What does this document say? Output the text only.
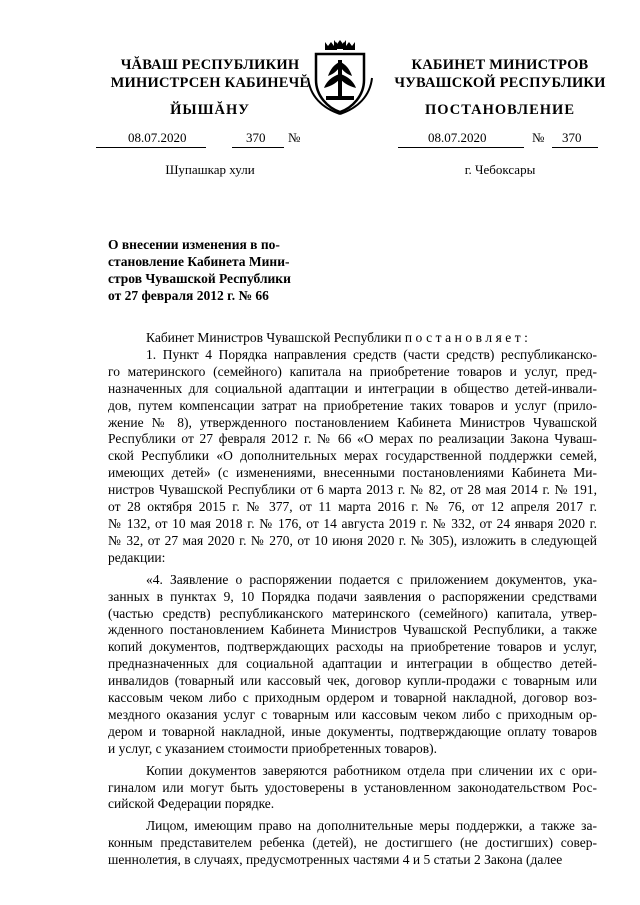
ЧĂВАШ РЕСПУБЛИКИН
МИНИСТРСЕН КАБИНЕЧĔ
ЙЫШĂНУ
КАБИНЕТ МИНИСТРОВ
ЧУВАШСКОЙ РЕСПУБЛИКИ
ПОСТАНОВЛЕНИЕ
08.07.2020	370 №	08.07.2020	№ 370
Шупашкар хули	г. Чебоксары
О внесении изменения в по-
становление Кабинета Мини-
стров Чувашской Республики
от 27 февраля 2012 г. № 66

Кабинет Министров Чувашской Республики постановляет:

1. Пункт 4 Порядка направления средств (части средств) республиканско-
го материнского (семейного) капитала на приобретение товаров и услуг, пред-
назначенных для социальной адаптации и интеграции в общество детей-инвали-
дов, путем компенсации затрат на приобретение таких товаров и услуг (прило-
жение № 8), утвержденного постановлением Кабинета Министров Чувашской
Республики от 27 февраля 2012 г. № 66 «О мерах по реализации Закона Чуваш-
ской Республики «О дополнительных мерах государственной поддержки семей,
имеющих детей» (с изменениями, внесенными постановлениями Кабинета Ми-
нистров Чувашской Республики от 6 марта 2013 г. № 82, от 28 мая 2014 г. № 191,
от 28 октября 2015 г. № 377, от 11 марта 2016 г. № 76, от 12 апреля 2017 г.
№ 132, от 10 мая 2018 г. № 176, от 14 августа 2019 г. № 332, от 24 января 2020 г.
№ 32, от 27 мая 2020 г. № 270, от 10 июня 2020 г. № 305), изложить в следующей
редакции:
«4. Заявление о распоряжении подается с приложением документов, ука-
занных в пунктах 9, 10 Порядка подачи заявления о распоряжении средствами
(частью средств) республиканского материнского (семейного) капитала, утвер-
жденного постановлением Кабинета Министров Чувашской Республики, а также
копий документов, подтверждающих расходы на приобретение товаров и услуг,
предназначенных для социальной адаптации и интеграции в общество детей-
инвалидов (товарный или кассовый чек, договор купли-продажи с товарным или
кассовым чеком либо с приходным ордером и товарной накладной, договор воз-
мездного оказания услуг с товарным или кассовым чеком либо с приходным ор-
дером и товарной накладной, иные документы, подтверждающие оплату товаров
и услуг, с указанием стоимости приобретенных товаров).
Копии документов заверяются работником отдела при сличении их с ори-
гиналом или могут быть удостоверены в установленном законодательством Рос-
сийской Федерации порядке.
Лицом, имеющим право на дополнительные меры поддержки, а также за-
конным представителем ребенка (детей), не достигшего (не достигших) совер-
шеннолетия, в случаях, предусмотренных частями 4 и 5 статьи 2 Закона (далее
